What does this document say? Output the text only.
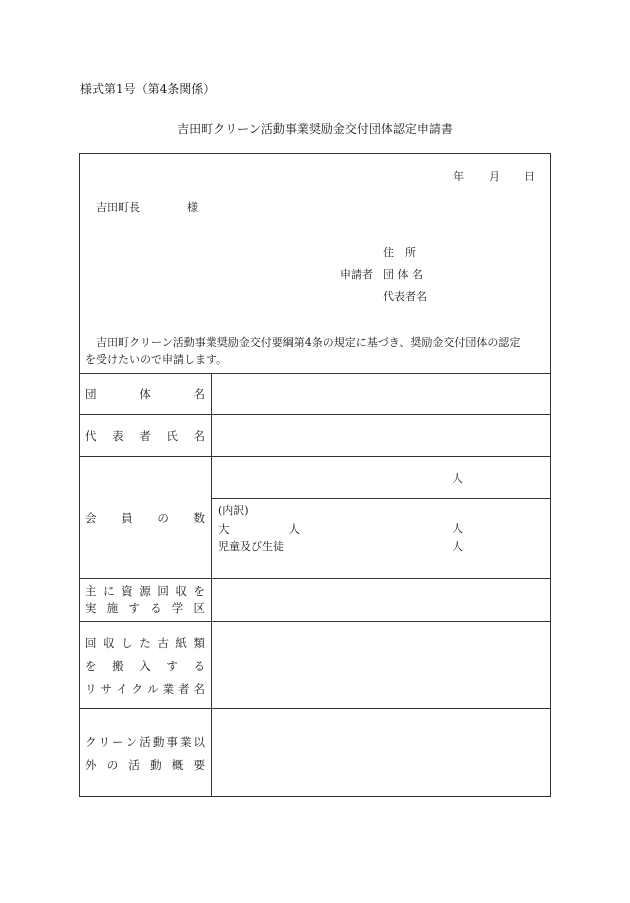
様式第1号（第4条関係）
吉田町クリーン活動事業奨励金交付団体認定申請書
年 月 日
吉田町長	様
住　所
申請者 団 体 名
代表者名
吉田町クリーン活動事業奨励金交付要綱第4条の規定に基づき、奨励金交付団体の認定
を受けたいので申請します。
団	体	名
代 表 者 氏 名
会 員 の 数
人
(内訳)
大	人	人
児童及び生徒	人
主 に 資 源 回 収 を
実 施 す る 学 区
回 収 し た 古 紙 類
を 搬 入 す る
リ サ イ ク ル 業 者 名
ク リ ー ン 活 動 事 業 以
外 の 活 動 概 要
